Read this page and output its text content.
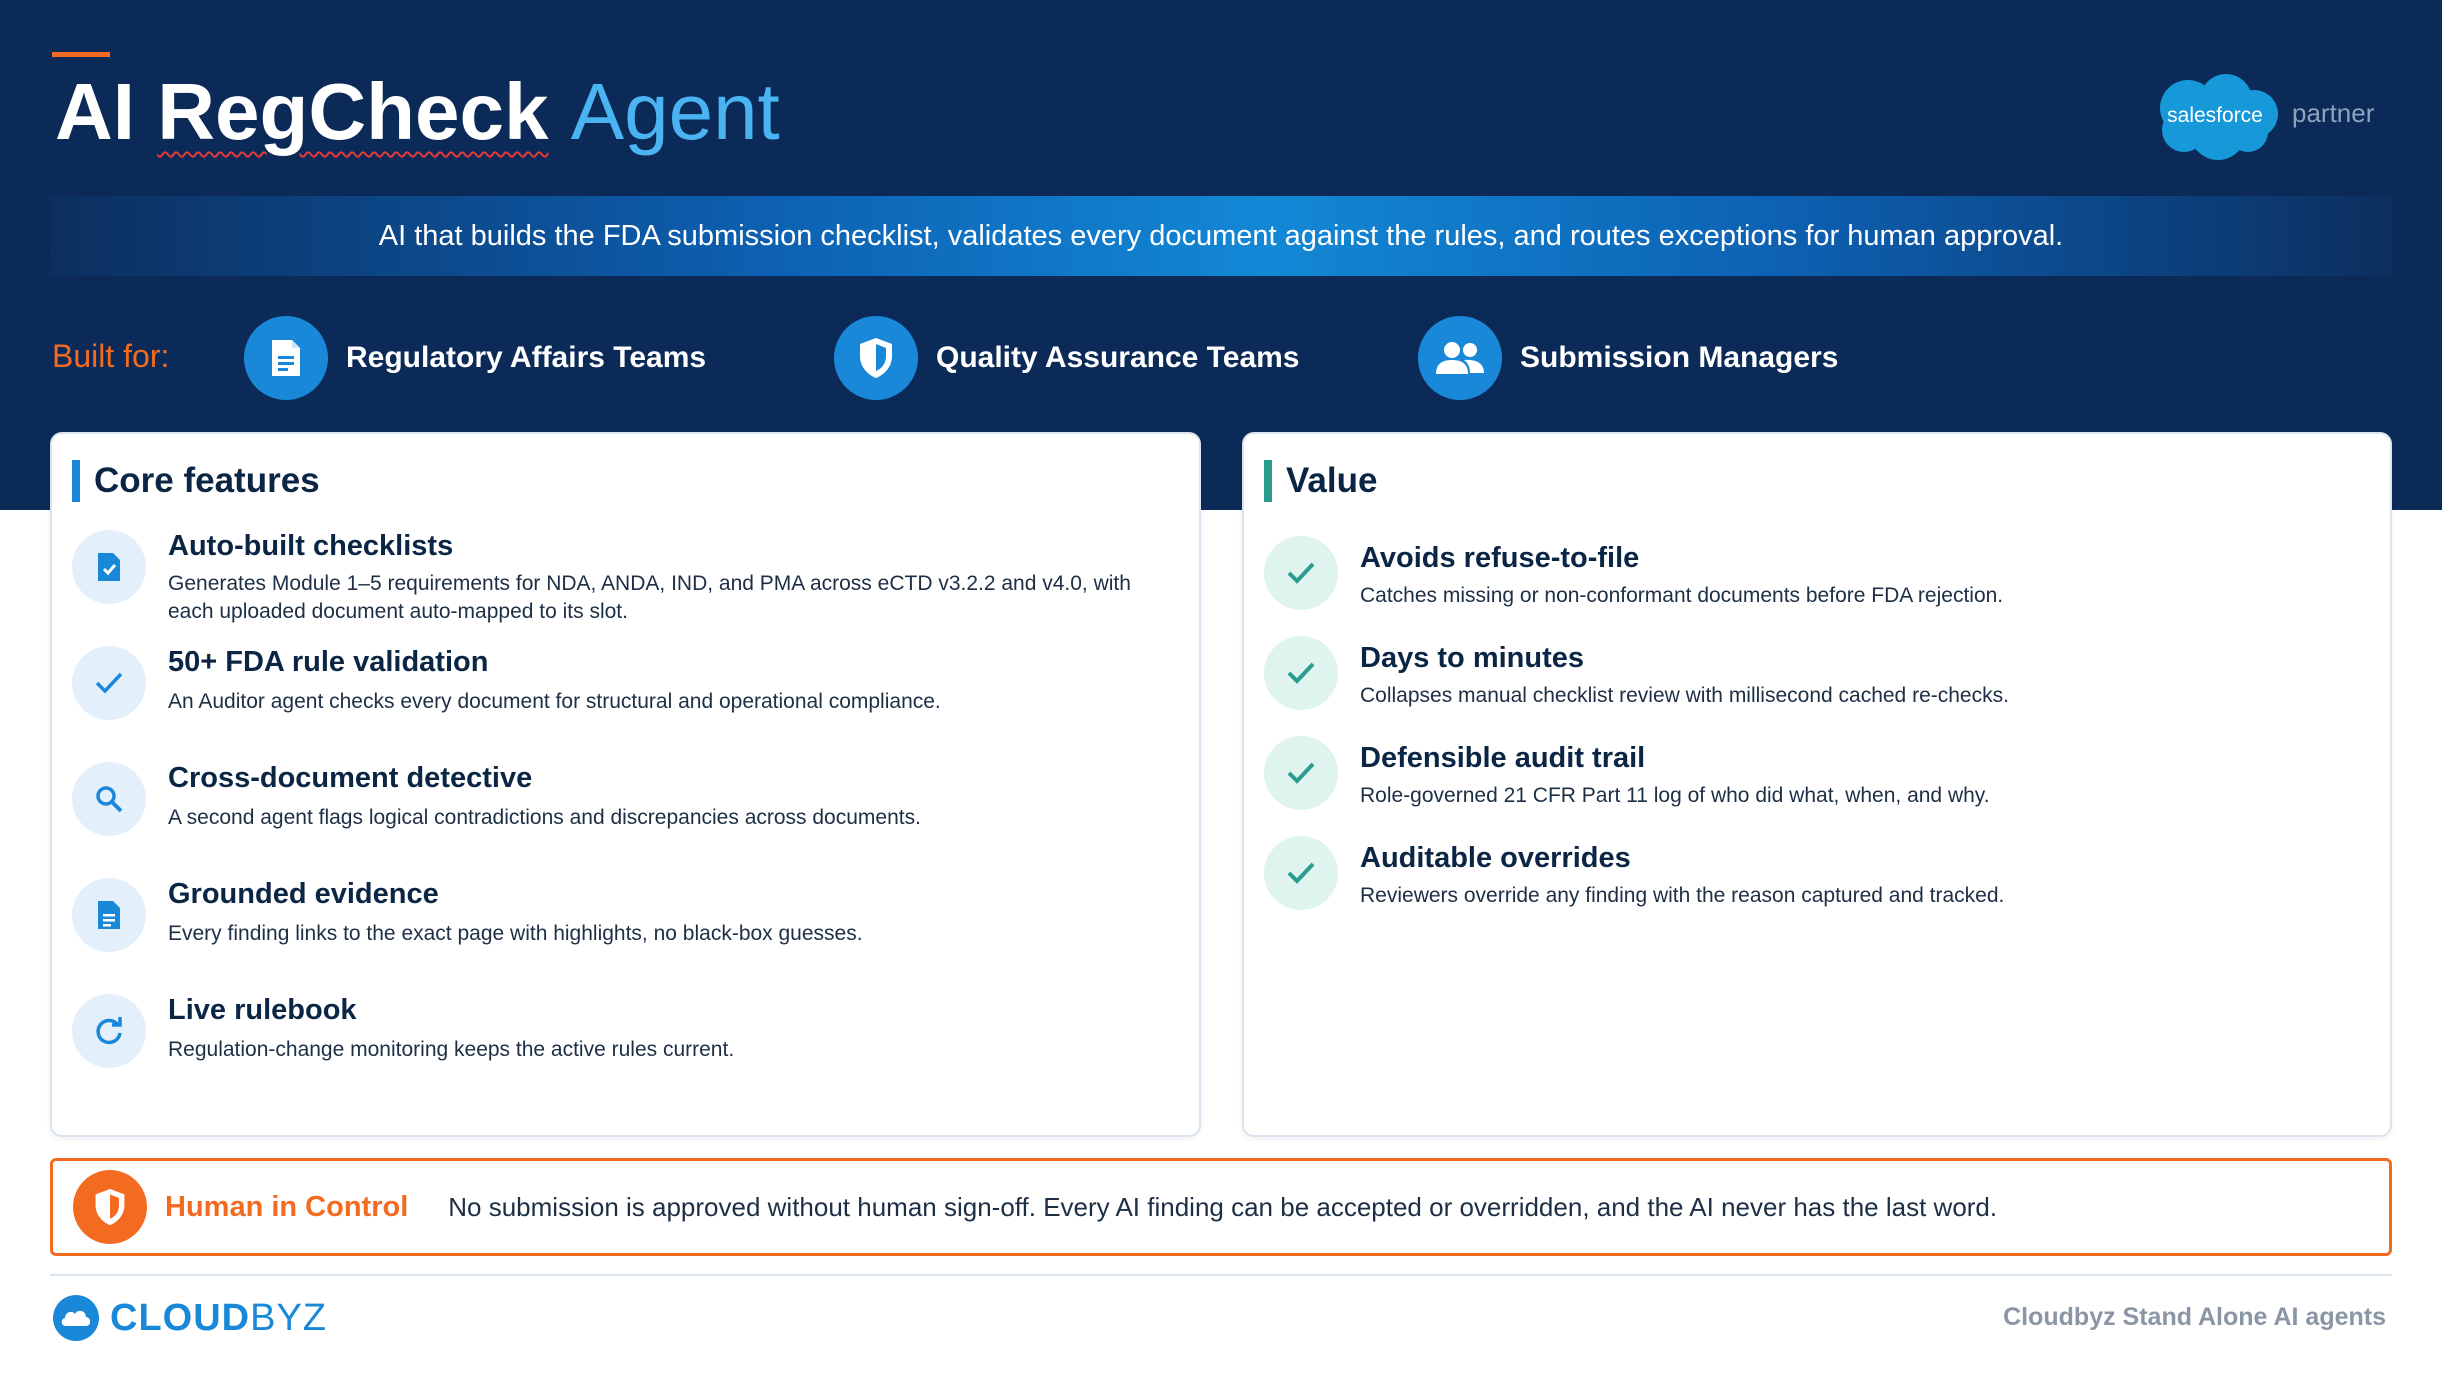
AI RegCheck Agent	salesforce partner
AI that builds the FDA submission checklist, validates every document against the rules, and routes exceptions for human approval.
Built for:	Regulatory Affairs Teams	Quality Assurance Teams	Submission Managers
Core features
Auto-built checklists
Generates Module 1–5 requirements for NDA, ANDA, IND, and PMA across eCTD v3.2.2 and v4.0, with each uploaded document auto-mapped to its slot.
50+ FDA rule validation
An Auditor agent checks every document for structural and operational compliance.
Cross-document detective
A second agent flags logical contradictions and discrepancies across documents.
Grounded evidence
Every finding links to the exact page with highlights, no black-box guesses.
Live rulebook
Regulation-change monitoring keeps the active rules current.
Value
Avoids refuse-to-file
Catches missing or non-conformant documents before FDA rejection.
Days to minutes
Collapses manual checklist review with millisecond cached re-checks.
Defensible audit trail
Role-governed 21 CFR Part 11 log of who did what, when, and why.
Auditable overrides
Reviewers override any finding with the reason captured and tracked.
Human in Control No submission is approved without human sign-off. Every AI finding can be accepted or overridden, and the AI never has the last word.
CLOUDBYZ	Cloudbyz Stand Alone AI agents
